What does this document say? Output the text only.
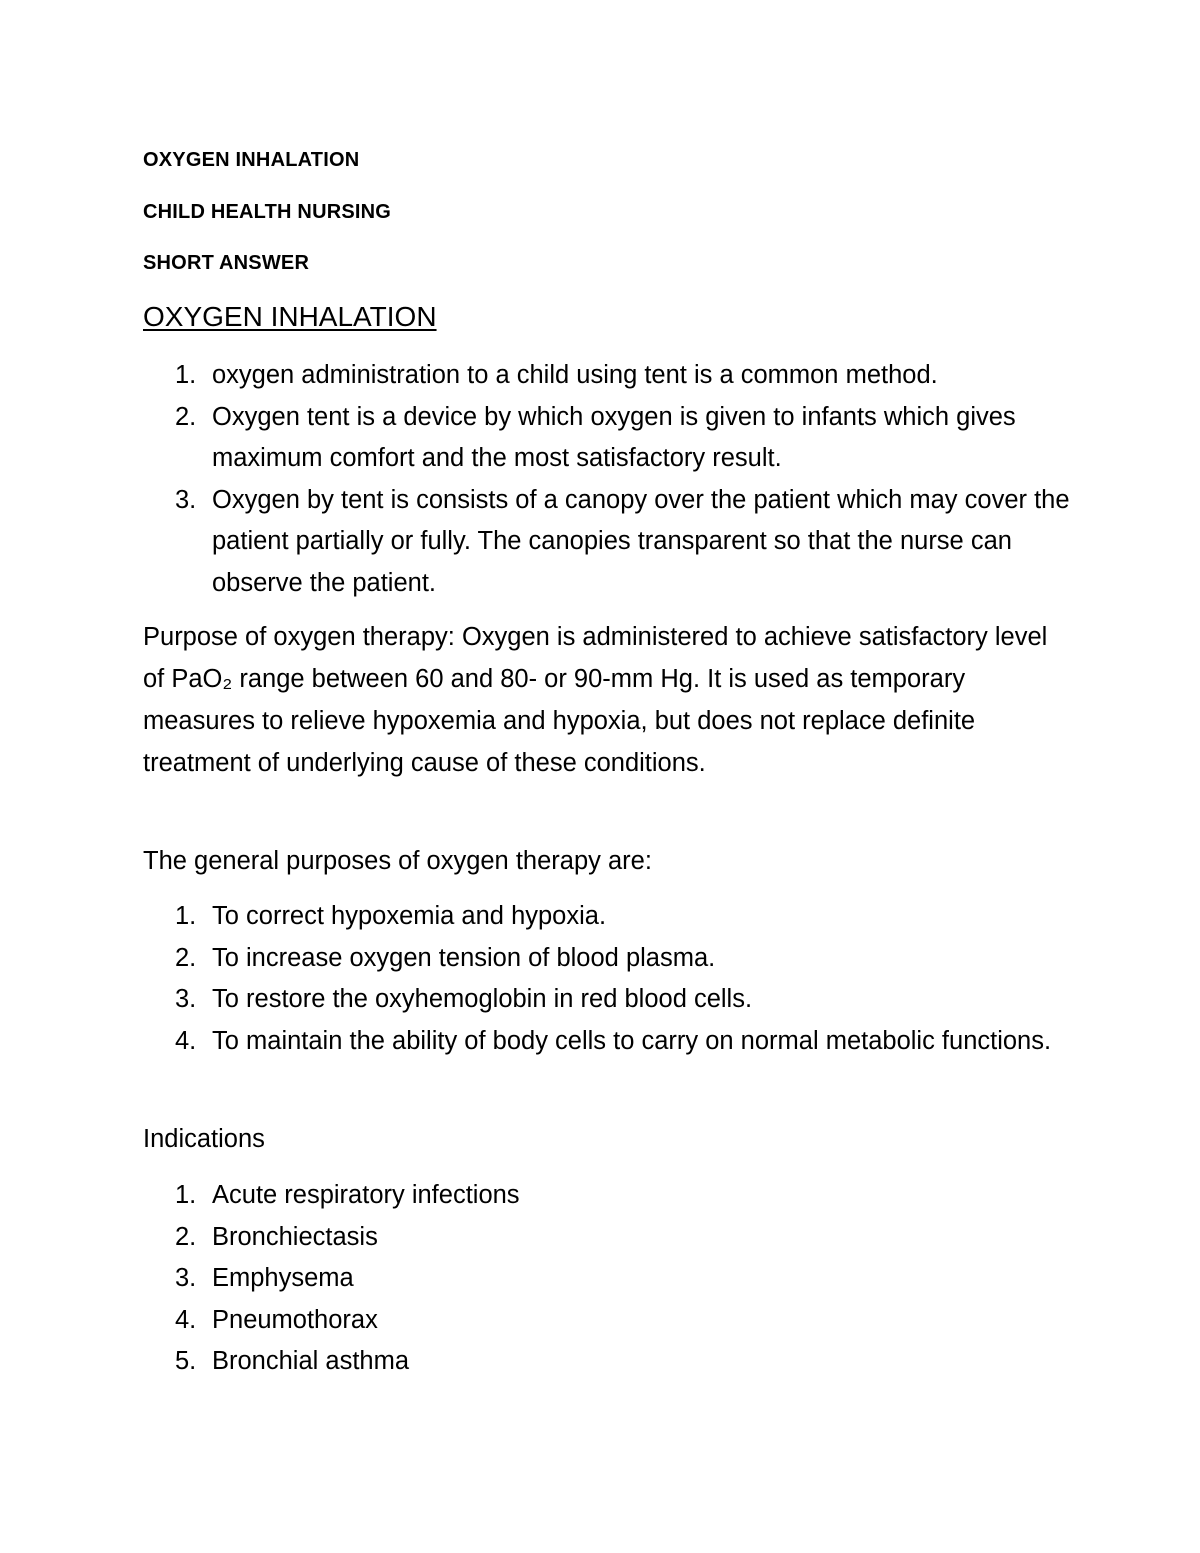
OXYGEN INHALATION
CHILD HEALTH NURSING
SHORT ANSWER
OXYGEN INHALATION
1. oxygen administration to a child using tent is a common method.
2. Oxygen tent is a device by which oxygen is given to infants which gives maximum comfort and the most satisfactory result.
3. Oxygen by tent is consists of a canopy over the patient which may cover the patient partially or fully. The canopies transparent so that the nurse can observe the patient.

Purpose of oxygen therapy: Oxygen is administered to achieve satisfactory level of PaO₂ range between 60 and 80- or 90-mm Hg. It is used as temporary measures to relieve hypoxemia and hypoxia, but does not replace definite treatment of underlying cause of these conditions.

The general purposes of oxygen therapy are:

1. To correct hypoxemia and hypoxia.
2. To increase oxygen tension of blood plasma.
3. To restore the oxyhemoglobin in red blood cells.
4. To maintain the ability of body cells to carry on normal metabolic functions.

Indications

1. Acute respiratory infections
2. Bronchiectasis
3. Emphysema
4. Pneumothorax
5. Bronchial asthma
